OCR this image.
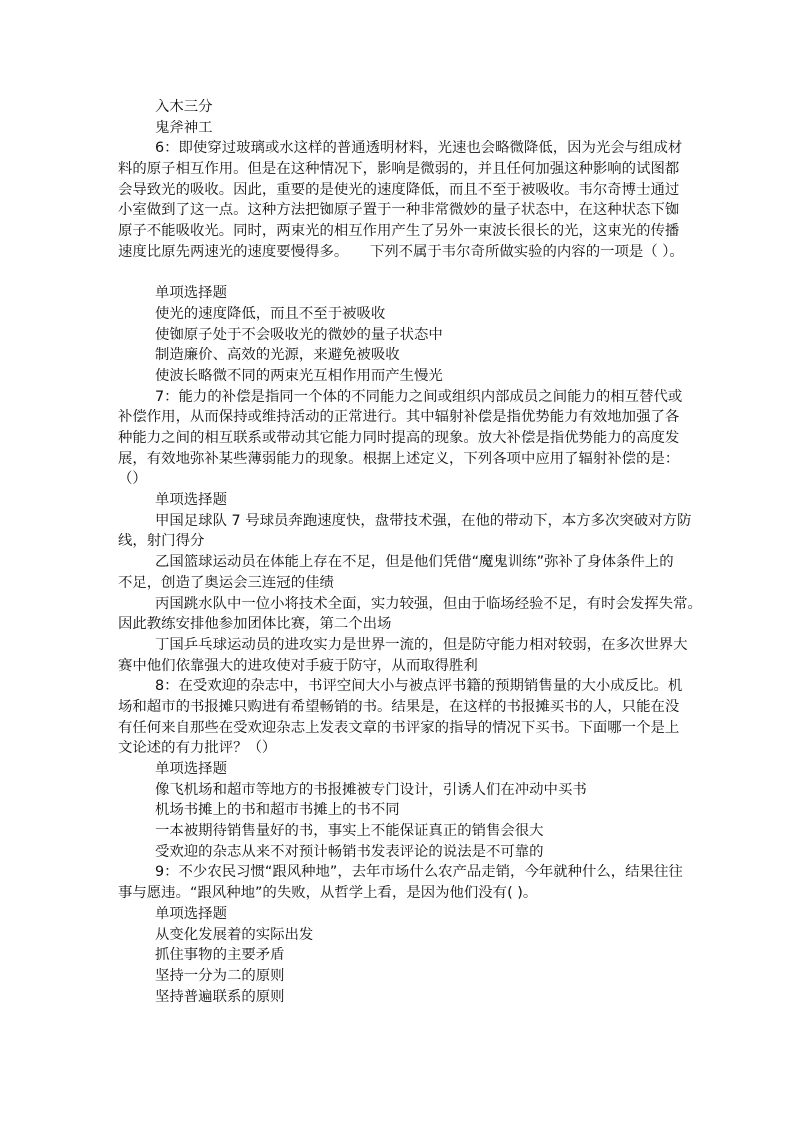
入木三分
鬼斧神工
6：即使穿过玻璃或水这样的普通透明材料，光速也会略微降低，因为光会与组成材
料的原子相互作用。但是在这种情况下，影响是微弱的，并且任何加强这种影响的试图都
会导致光的吸收。因此，重要的是使光的速度降低，而且不至于被吸收。韦尔奇博士通过
小室做到了这一点。这种方法把铷原子置于一种非常微妙的量子状态中，在这种状态下铷
原子不能吸收光。同时，两束光的相互作用产生了另外一束波长很长的光，这束光的传播
速度比原先两速光的速度要慢得多。　　下列不属于韦尔奇所做实验的内容的一项是（ ）。
单项选择题
使光的速度降低，而且不至于被吸收
使铷原子处于不会吸收光的微妙的量子状态中
制造廉价、高效的光源，来避免被吸收
使波长略微不同的两束光互相作用而产生慢光
7：能力的补偿是指同一个体的不同能力之间或组织内部成员之间能力的相互替代或
补偿作用，从而保持或维持活动的正常进行。其中辐射补偿是指优势能力有效地加强了各
种能力之间的相互联系或带动其它能力同时提高的现象。放大补偿是指优势能力的高度发
展，有效地弥补某些薄弱能力的现象。根据上述定义，下列各项中应用了辐射补偿的是：
（）
单项选择题
甲国足球队 7 号球员奔跑速度快，盘带技术强，在他的带动下，本方多次突破对方防
线，射门得分
乙国篮球运动员在体能上存在不足，但是他们凭借“魔鬼训练”弥补了身体条件上的
不足，创造了奥运会三连冠的佳绩
丙国跳水队中一位小将技术全面，实力较强，但由于临场经验不足，有时会发挥失常。
因此教练安排他参加团体比赛，第二个出场
丁国乒乓球运动员的进攻实力是世界一流的，但是防守能力相对较弱，在多次世界大
赛中他们依靠强大的进攻使对手疲于防守，从而取得胜利
8：在受欢迎的杂志中，书评空间大小与被点评书籍的预期销售量的大小成反比。机
场和超市的书报摊只购进有希望畅销的书。结果是，在这样的书报摊买书的人，只能在没
有任何来自那些在受欢迎杂志上发表文章的书评家的指导的情况下买书。下面哪一个是上
文论述的有力批评？（）
单项选择题
像飞机场和超市等地方的书报摊被专门设计，引诱人们在冲动中买书
机场书摊上的书和超市书摊上的书不同
一本被期待销售量好的书，事实上不能保证真正的销售会很大
受欢迎的杂志从来不对预计畅销书发表评论的说法是不可靠的
9：不少农民习惯“跟风种地”，去年市场什么农产品走销，今年就种什么，结果往往
事与愿违。“跟风种地”的失败，从哲学上看，是因为他们没有( )。
单项选择题
从变化发展着的实际出发
抓住事物的主要矛盾
坚持一分为二的原则
坚持普遍联系的原则
